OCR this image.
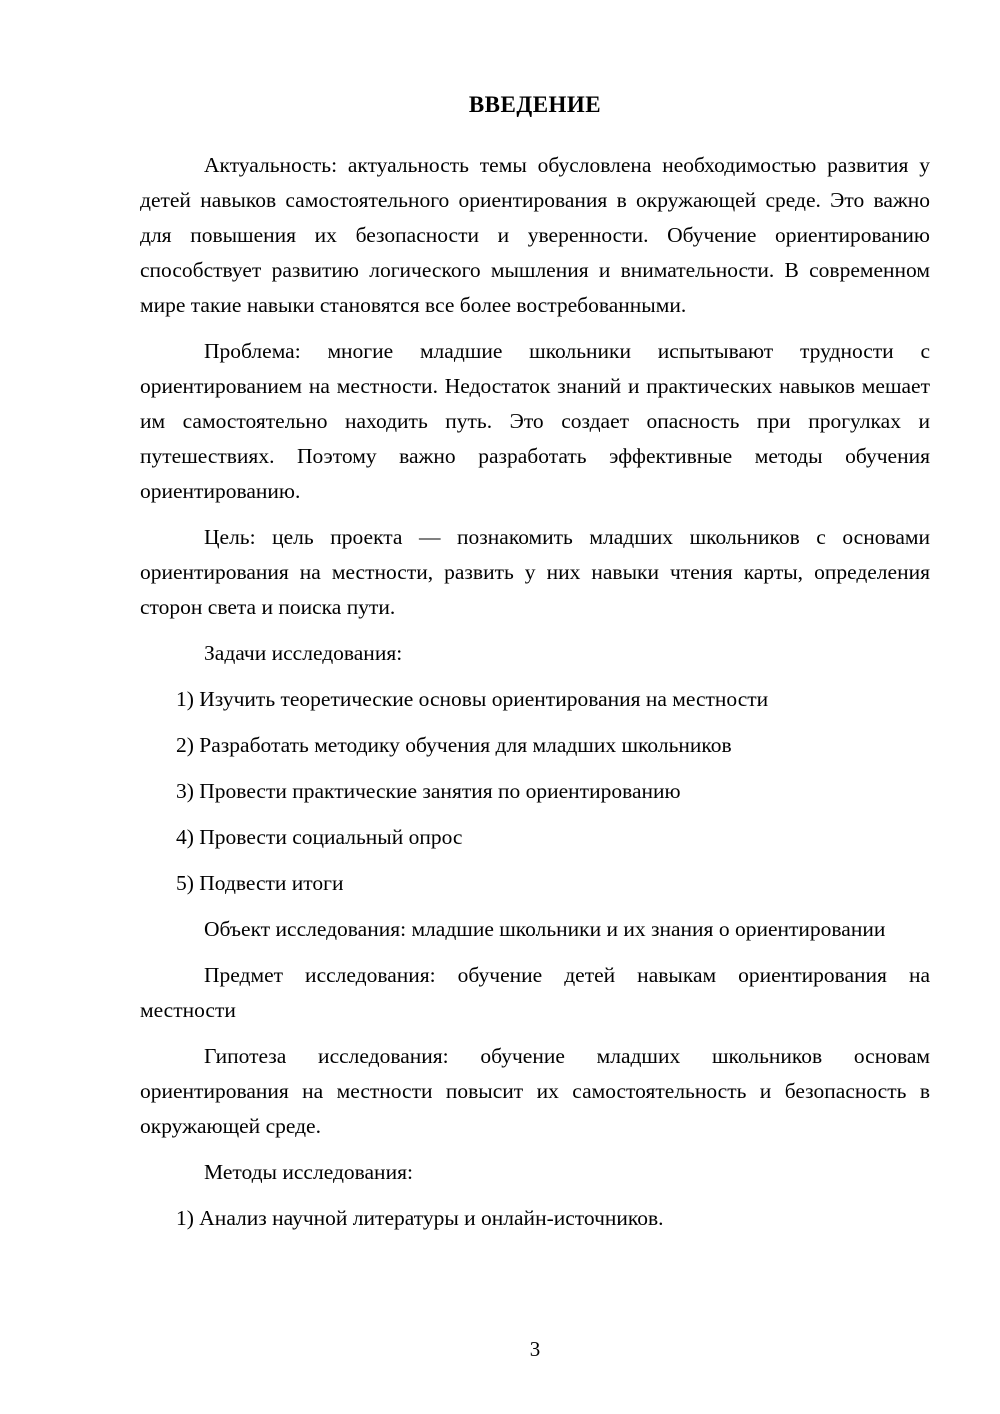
ВВЕДЕНИЕ

Актуальность: актуальность темы обусловлена необходимостью развития у детей навыков самостоятельного ориентирования в окружающей среде. Это важно для повышения их безопасности и уверенности. Обучение ориентированию способствует развитию логического мышления и внимательности. В современном мире такие навыки становятся все более востребованными.

Проблема: многие младшие школьники испытывают трудности с ориентированием на местности. Недостаток знаний и практических навыков мешает им самостоятельно находить путь. Это создает опасность при прогулках и путешествиях. Поэтому важно разработать эффективные методы обучения ориентированию.

Цель: цель проекта — познакомить младших школьников с основами ориентирования на местности, развить у них навыки чтения карты, определения сторон света и поиска пути.

Задачи исследования:

1) Изучить теоретические основы ориентирования на местности
2) Разработать методику обучения для младших школьников
3) Провести практические занятия по ориентированию
4) Провести социальный опрос
5) Подвести итоги

Объект исследования: младшие школьники и их знания о ориентировании

Предмет исследования: обучение детей навыкам ориентирования на местности

Гипотеза исследования: обучение младших школьников основам ориентирования на местности повысит их самостоятельность и безопасность в окружающей среде.

Методы исследования:

1) Анализ научной литературы и онлайн-источников.
3
